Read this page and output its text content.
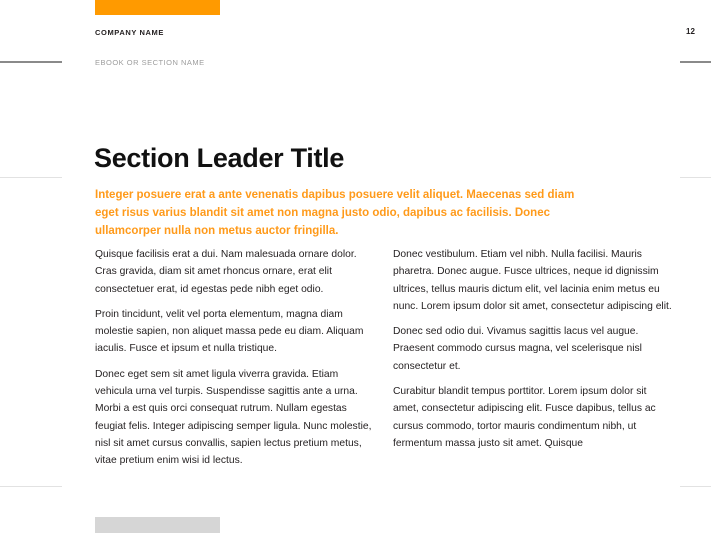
COMPANY NAME	12
EBOOK OR SECTION NAME
Section Leader Title
Integer posuere erat a ante venenatis dapibus posuere velit aliquet. Maecenas sed diam eget risus varius blandit sit amet non magna justo odio, dapibus ac facilisis. Donec ullamcorper nulla non metus auctor fringilla.

Quisque facilisis erat a dui. Nam malesuada ornare dolor. Cras gravida, diam sit amet rhoncus ornare, erat elit consectetuer erat, id egestas pede nibh eget odio.

Proin tincidunt, velit vel porta elementum, magna diam molestie sapien, non aliquet massa pede eu diam. Aliquam iaculis. Fusce et ipsum et nulla tristique.

Donec eget sem sit amet ligula viverra gravida. Etiam vehicula urna vel turpis. Suspendisse sagittis ante a urna. Morbi a est quis orci consequat rutrum. Nullam egestas feugiat felis. Integer adipiscing semper ligula. Nunc molestie, nisl sit amet cursus convallis, sapien lectus pretium metus, vitae pretium enim wisi id lectus.

Donec vestibulum. Etiam vel nibh. Nulla facilisi. Mauris pharetra. Donec augue. Fusce ultrices, neque id dignissim ultrices, tellus mauris dictum elit, vel lacinia enim metus eu nunc. Lorem ipsum dolor sit amet, consectetur adipiscing elit.

Donec sed odio dui. Vivamus sagittis lacus vel augue. Praesent commodo cursus magna, vel scelerisque nisl consectetur et.

Curabitur blandit tempus porttitor. Lorem ipsum dolor sit amet, consectetur adipiscing elit. Fusce dapibus, tellus ac cursus commodo, tortor mauris condimentum nibh, ut fermentum massa justo sit amet. Quisque
